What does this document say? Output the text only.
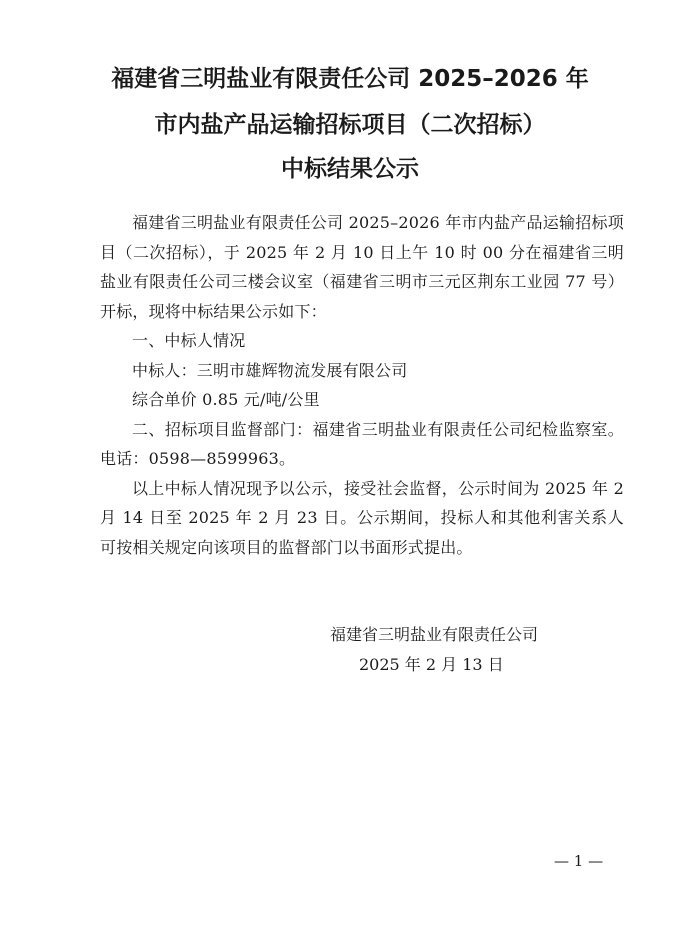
福建省三明盐业有限责任公司 2025–2026 年
市内盐产品运输招标项目（二次招标）
中标结果公示

福建省三明盐业有限责任公司 2025–2026 年市内盐产品运输招标项目（二次招标），于 2025 年 2 月 10 日上午 10 时 00 分在福建省三明盐业有限责任公司三楼会议室（福建省三明市三元区荆东工业园 77 号）开标，现将中标结果公示如下：

一、中标人情况

中标人：三明市雄辉物流发展有限公司

综合单价 0.85 元/吨/公里

二、招标项目监督部门：福建省三明盐业有限责任公司纪检监察室。电话：0598—8599963。

以上中标人情况现予以公示，接受社会监督，公示时间为 2025 年 2 月 14 日至 2025 年 2 月 23 日。公示期间，投标人和其他利害关系人可按相关规定向该项目的监督部门以书面形式提出。

福建省三明盐业有限责任公司
2025 年 2 月 13 日
— 1 —
